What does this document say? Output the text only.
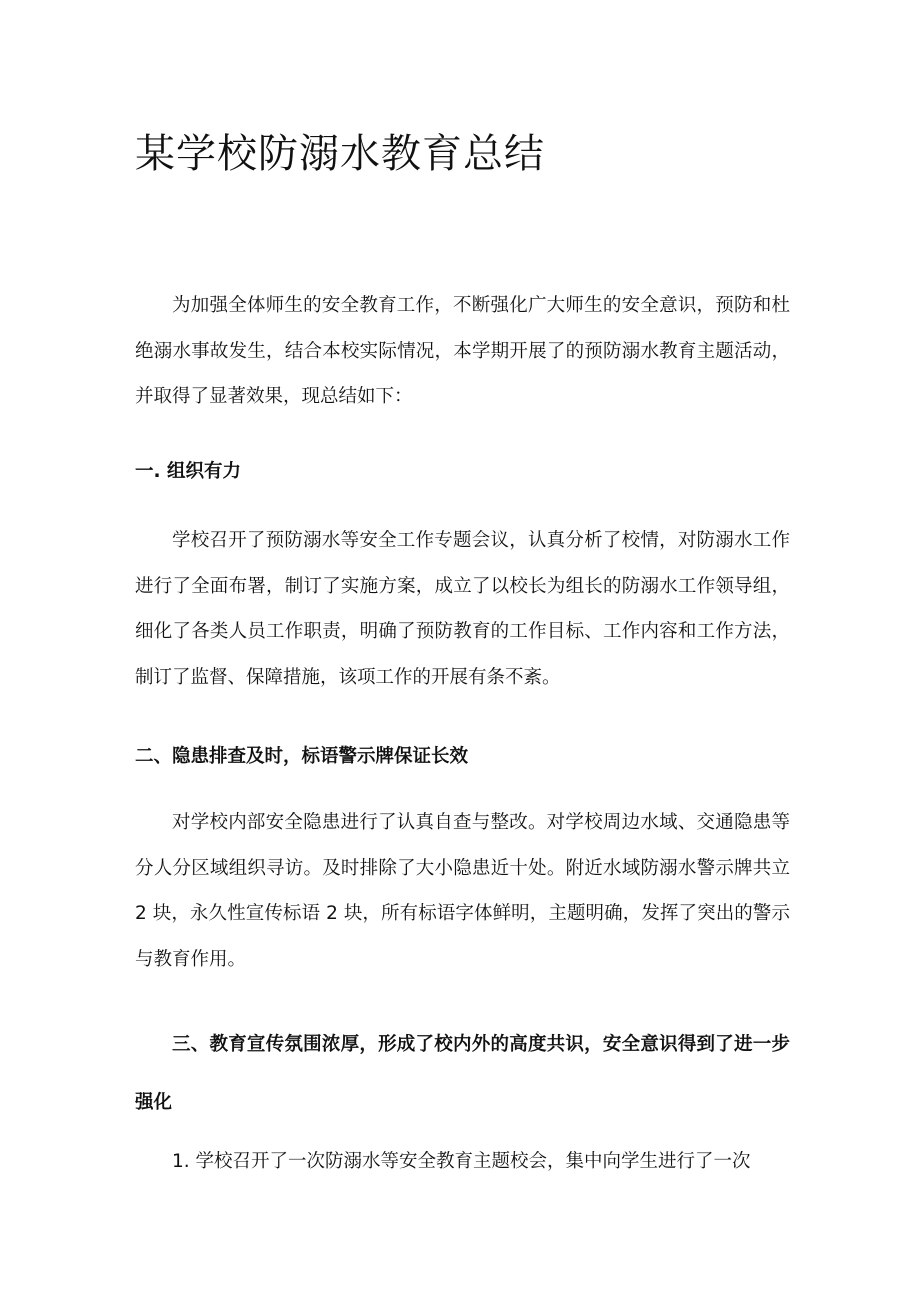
某学校防溺水教育总结

为加强全体师生的安全教育工作，不断强化广大师生的安全意识，预防和杜绝溺水事故发生，结合本校实际情况，本学期开展了的预防溺水教育主题活动，并取得了显著效果，现总结如下：

一. 组织有力

学校召开了预防溺水等安全工作专题会议，认真分析了校情，对防溺水工作进行了全面布署，制订了实施方案，成立了以校长为组长的防溺水工作领导组，细化了各类人员工作职责，明确了预防教育的工作目标、工作内容和工作方法，制订了监督、保障措施，该项工作的开展有条不紊。

二、隐患排查及时，标语警示牌保证长效

对学校内部安全隐患进行了认真自查与整改。对学校周边水域、交通隐患等分人分区域组织寻访。及时排除了大小隐患近十处。附近水域防溺水警示牌共立 2 块，永久性宣传标语 2 块，所有标语字体鲜明，主题明确，发挥了突出的警示与教育作用。

三、教育宣传氛围浓厚，形成了校内外的高度共识，安全意识得到了进一步强化

1. 学校召开了一次防溺水等安全教育主题校会，集中向学生进行了一次
